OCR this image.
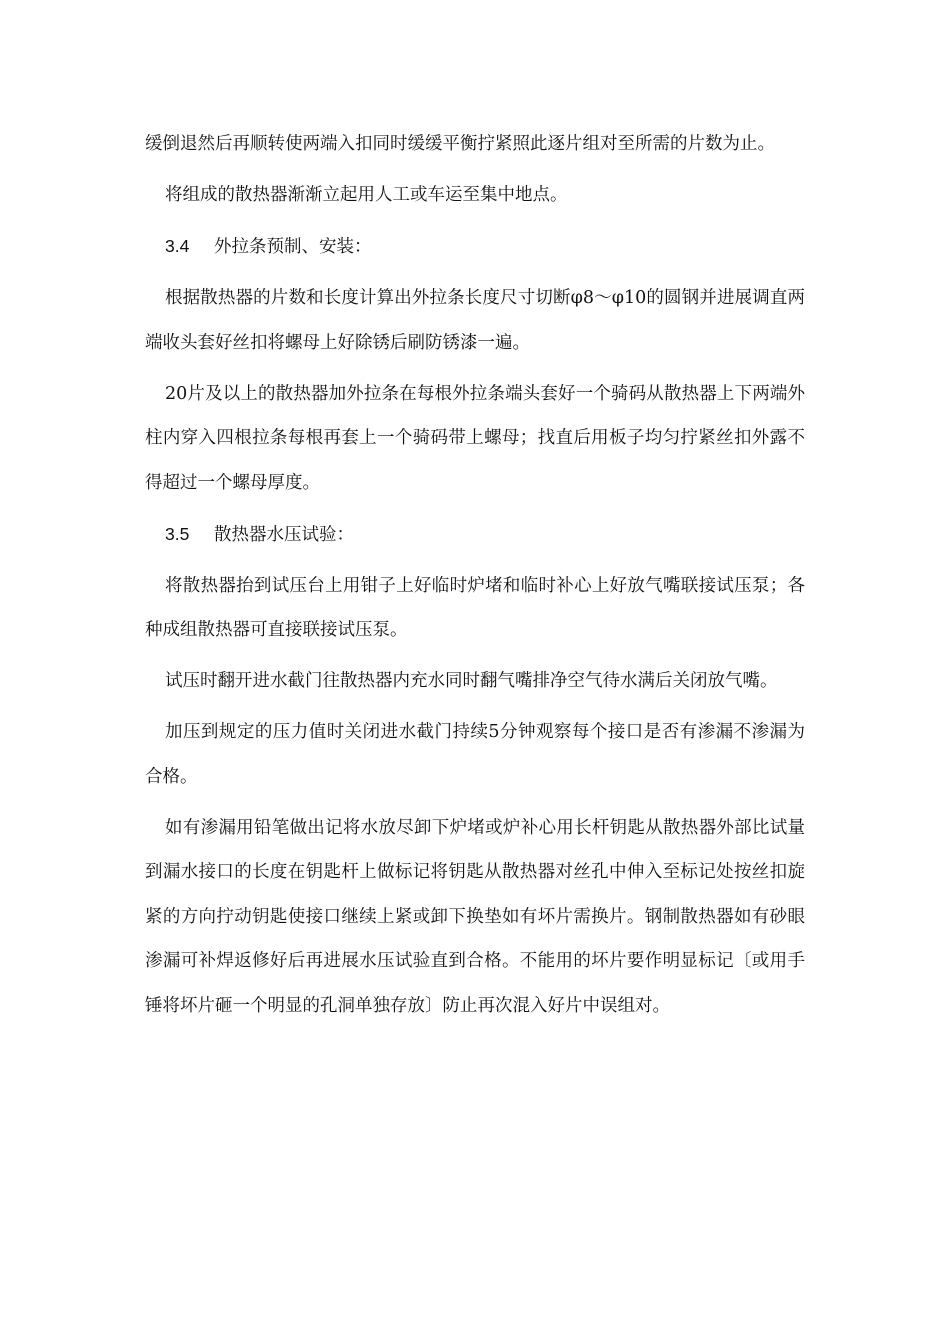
缓倒退然后再顺转使两端入扣同时缓缓平衡拧紧照此逐片组对至所需的片数为止。

将组成的散热器渐渐立起用人工或车运至集中地点。

3.4 外拉条预制、安装：

根据散热器的片数和长度计算出外拉条长度尺寸切断φ8～φ10的圆钢并进展调直两端收头套好丝扣将螺母上好除锈后刷防锈漆一遍。

20片及以上的散热器加外拉条在每根外拉条端头套好一个骑码从散热器上下两端外柱内穿入四根拉条每根再套上一个骑码带上螺母；找直后用板子均匀拧紧丝扣外露不得超过一个螺母厚度。

3.5 散热器水压试验：

将散热器抬到试压台上用钳子上好临时炉堵和临时补心上好放气嘴联接试压泵；各种成组散热器可直接联接试压泵。

试压时翻开进水截门往散热器内充水同时翻气嘴排净空气待水满后关闭放气嘴。

加压到规定的压力值时关闭进水截门持续5分钟观察每个接口是否有渗漏不渗漏为合格。

如有渗漏用铅笔做出记将水放尽卸下炉堵或炉补心用长杆钥匙从散热器外部比试量到漏水接口的长度在钥匙杆上做标记将钥匙从散热器对丝孔中伸入至标记处按丝扣旋紧的方向拧动钥匙使接口继续上紧或卸下换垫如有坏片需换片。钢制散热器如有砂眼渗漏可补焊返修好后再进展水压试验直到合格。不能用的坏片要作明显标记〔或用手锤将坏片砸一个明显的孔洞单独存放〕防止再次混入好片中误组对。
